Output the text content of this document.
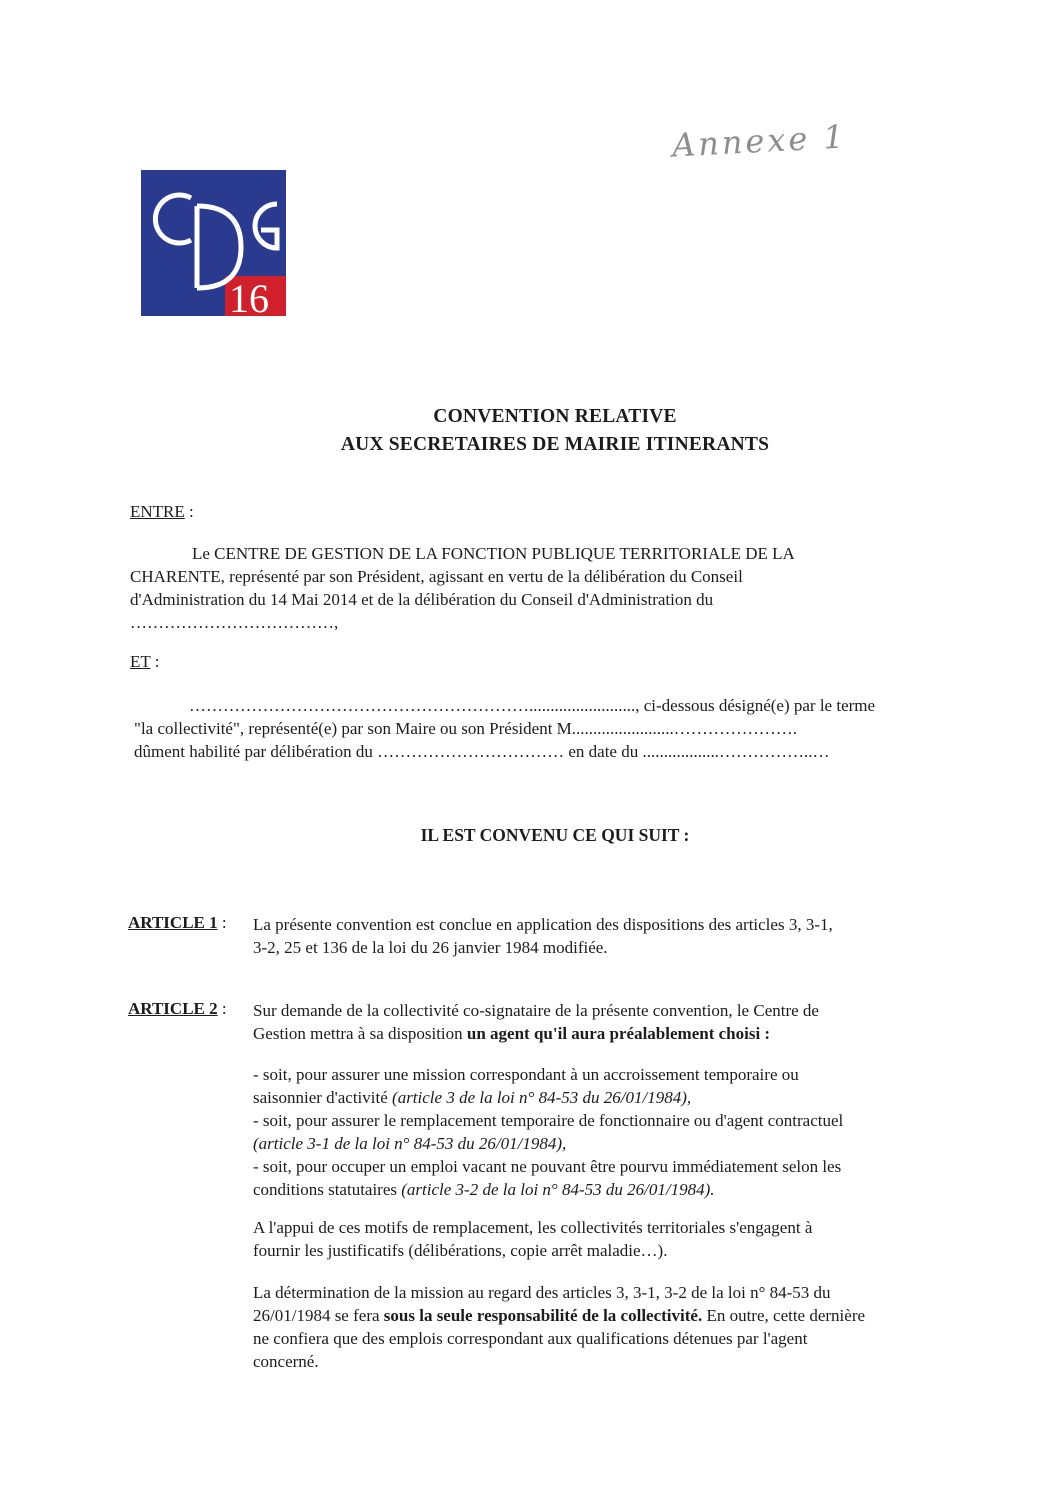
Annexe 1
16
CONVENTION RELATIVE
AUX SECRETAIRES DE MAIRIE ITINERANTS
ENTRE :
Le CENTRE DE GESTION DE LA FONCTION PUBLIQUE TERRITORIALE DE LA
CHARENTE, représenté par son Président, agissant en vertu de la délibération du Conseil
d'Administration du 14 Mai 2014 et de la délibération du Conseil d'Administration du
………………………………,
ET :
……………………………………………………........................., ci-dessous désigné(e) par le terme
"la collectivité", représenté(e) par son Maire ou son Président M........................………………….
dûment habilité par délibération du …………………………… en date du ..................……………..…
IL EST CONVENU CE QUI SUIT :
ARTICLE 1 : La présente convention est conclue en application des dispositions des articles 3, 3-1,
3-2, 25 et 136 de la loi du 26 janvier 1984 modifiée.
ARTICLE 2 : Sur demande de la collectivité co-signataire de la présente convention, le Centre de
Gestion mettra à sa disposition un agent qu'il aura préalablement choisi :
- soit, pour assurer une mission correspondant à un accroissement temporaire ou
saisonnier d'activité (article 3 de la loi n° 84-53 du 26/01/1984),
- soit, pour assurer le remplacement temporaire de fonctionnaire ou d'agent contractuel
(article 3-1 de la loi n° 84-53 du 26/01/1984),
- soit, pour occuper un emploi vacant ne pouvant être pourvu immédiatement selon les
conditions statutaires (article 3-2 de la loi n° 84-53 du 26/01/1984).
A l'appui de ces motifs de remplacement, les collectivités territoriales s'engagent à
fournir les justificatifs (délibérations, copie arrêt maladie…).
La détermination de la mission au regard des articles 3, 3-1, 3-2 de la loi n° 84-53 du
26/01/1984 se fera sous la seule responsabilité de la collectivité. En outre, cette dernière
ne confiera que des emplois correspondant aux qualifications détenues par l'agent
concerné.
